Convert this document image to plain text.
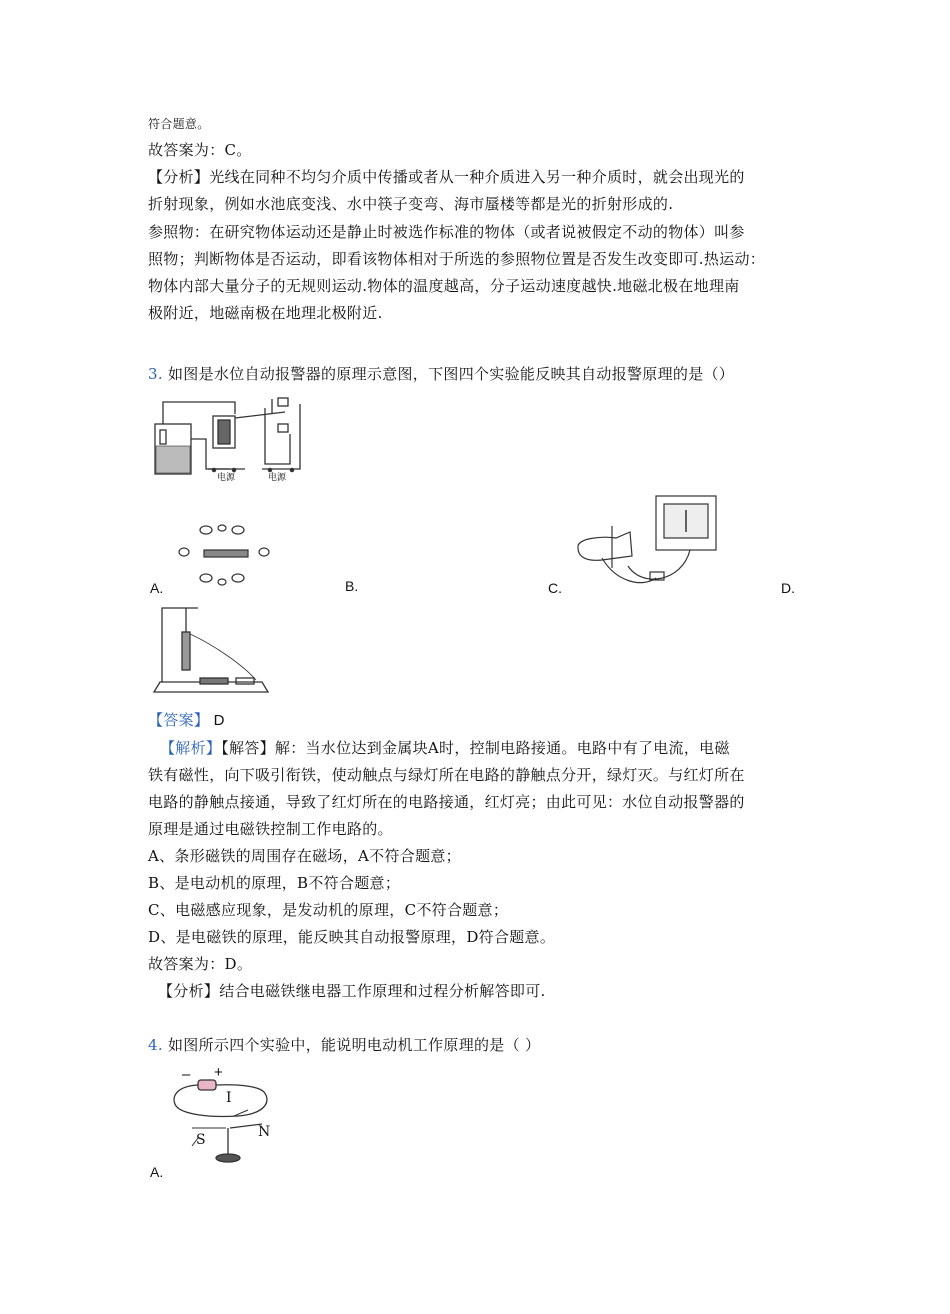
符合题意。
故答案为：C。
【分析】光线在同种不均匀介质中传播或者从一种介质进入另一种介质时，就会出现光的
折射现象，例如水池底变浅、水中筷子变弯、海市蜃楼等都是光的折射形成的.
参照物：在研究物体运动还是静止时被选作标准的物体（或者说被假定不动的物体）叫参
照物；判断物体是否运动，即看该物体相对于所选的参照物位置是否发生改变即可.热运动：
物体内部大量分子的无规则运动.物体的温度越高，分子运动速度越快.地磁北极在地理南
极附近，地磁南极在地理北极附近.
3. 如图是水位自动报警器的原理示意图，下图四个实验能反映其自动报警原理的是（）
电源	电源
A.	B.	C.	D.
【答案】 D
【解析】【解答】解：当水位达到金属块A时，控制电路接通。电路中有了电流，电磁
铁有磁性，向下吸引衔铁，使动触点与绿灯所在电路的静触点分开，绿灯灭。与红灯所在
电路的静触点接通，导致了红灯所在的电路接通，红灯亮；由此可见：水位自动报警器的
原理是通过电磁铁控制工作电路的。
A、条形磁铁的周围存在磁场，A不符合题意；
B、是电动机的原理，B不符合题意；
C、电磁感应现象，是发动机的原理，C不符合题意；
D、是电磁铁的原理，能反映其自动报警原理，D符合题意。
故答案为：D。
【分析】结合电磁铁继电器工作原理和过程分析解答即可.
4. 如图所示四个实验中，能说明电动机工作原理的是（ ）
– +
I
S	N
A.
